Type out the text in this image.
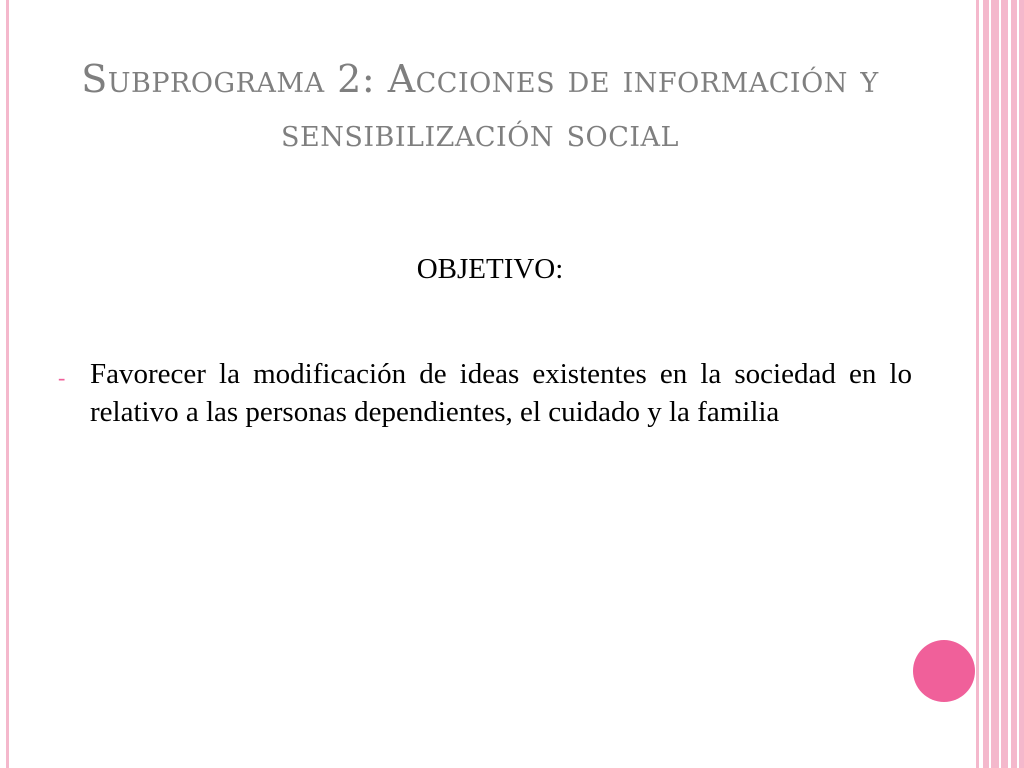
Subprograma 2: Acciones de información y sensibilización social
OBJETIVO:
- Favorecer la modificación de ideas existentes en la sociedad en lo relativo a las personas dependientes, el cuidado y la familia
